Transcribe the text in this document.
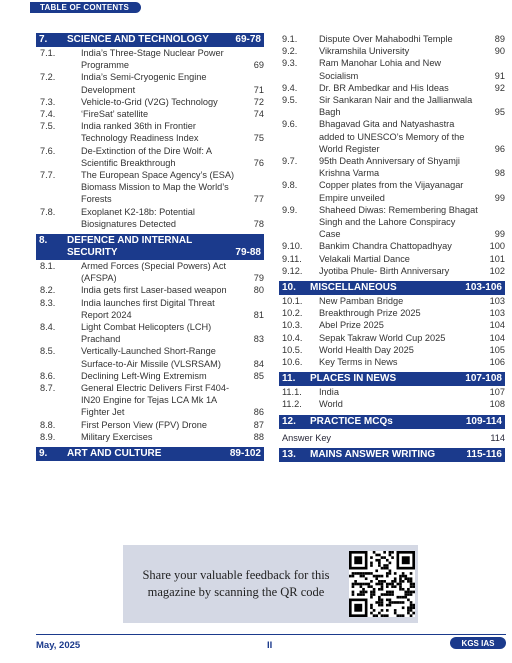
TABLE OF CONTENTS
7.	SCIENCE AND TECHNOLOGY	69-78
7.1.	India’s Three-Stage Nuclear Power Programme	69
7.2.	India’s Semi-Cryogenic Engine Development	71
7.3.	Vehicle-to-Grid (V2G) Technology	72
7.4.	‘FireSat’ satellite	74
7.5.	India ranked 36th in Frontier Technology Readiness Index	75
7.6.	De-Extinction of the Dire Wolf: A Scientific Breakthrough	76
7.7.	The European Space Agency’s (ESA) Biomass Mission to Map the World’s Forests	77
7.8.	Exoplanet K2-18b: Potential Biosignatures Detected	78
8.	DEFENCE AND INTERNAL SECURITY	79-88
8.1.	Armed Forces (Special Powers) Act (AFSPA)	79
8.2.	India gets first Laser-based weapon	80
8.3.	India launches first Digital Threat Report 2024	81
8.4.	Light Combat Helicopters (LCH) Prachand	83
8.5.	Vertically-Launched Short-Range Surface-to-Air Missile (VLSRSAM)	84
8.6.	Declining Left-Wing Extremism	85
8.7.	General Electric Delivers First F404-IN20 Engine for Tejas LCA Mk 1A Fighter Jet	86
8.8.	First Person View (FPV) Drone	87
8.9.	Military Exercises	88
9.	ART AND CULTURE	89-102
9.1.	Dispute Over Mahabodhi Temple	89
9.2.	Vikramshila University	90
9.3.	Ram Manohar Lohia and New Socialism	91
9.4.	Dr. BR Ambedkar and His Ideas	92
9.5.	Sir Sankaran Nair and the Jallianwala Bagh	95
9.6.	Bhagavad Gita and Natyashastra added to UNESCO’s Memory of the World Register	96
9.7.	95th Death Anniversary of Shyamji Krishna Varma	98
9.8.	Copper plates from the Vijayanagar Empire unveiled	99
9.9.	Shaheed Diwas: Remembering Bhagat Singh and the Lahore Conspiracy Case	99
9.10.	Bankim Chandra Chattopadhyay	100
9.11.	Velakali Martial Dance	101
9.12.	Jyotiba Phule- Birth Anniversary	102
10.	MISCELLANEOUS	103-106
10.1.	New Pamban Bridge	103
10.2.	Breakthrough Prize 2025	103
10.3.	Abel Prize 2025	104
10.4.	Sepak Takraw World Cup 2025	104
10.5.	World Health Day 2025	105
10.6.	Key Terms in News	106
11.	PLACES IN NEWS	107-108
11.1.	India	107
11.2.	World	108
12.	PRACTICE MCQs	109-114
Answer Key	114
13.	MAINS ANSWER WRITING	115-116
Share your valuable feedback for this magazine by scanning the QR code
May, 2025	II	KGS IAS
